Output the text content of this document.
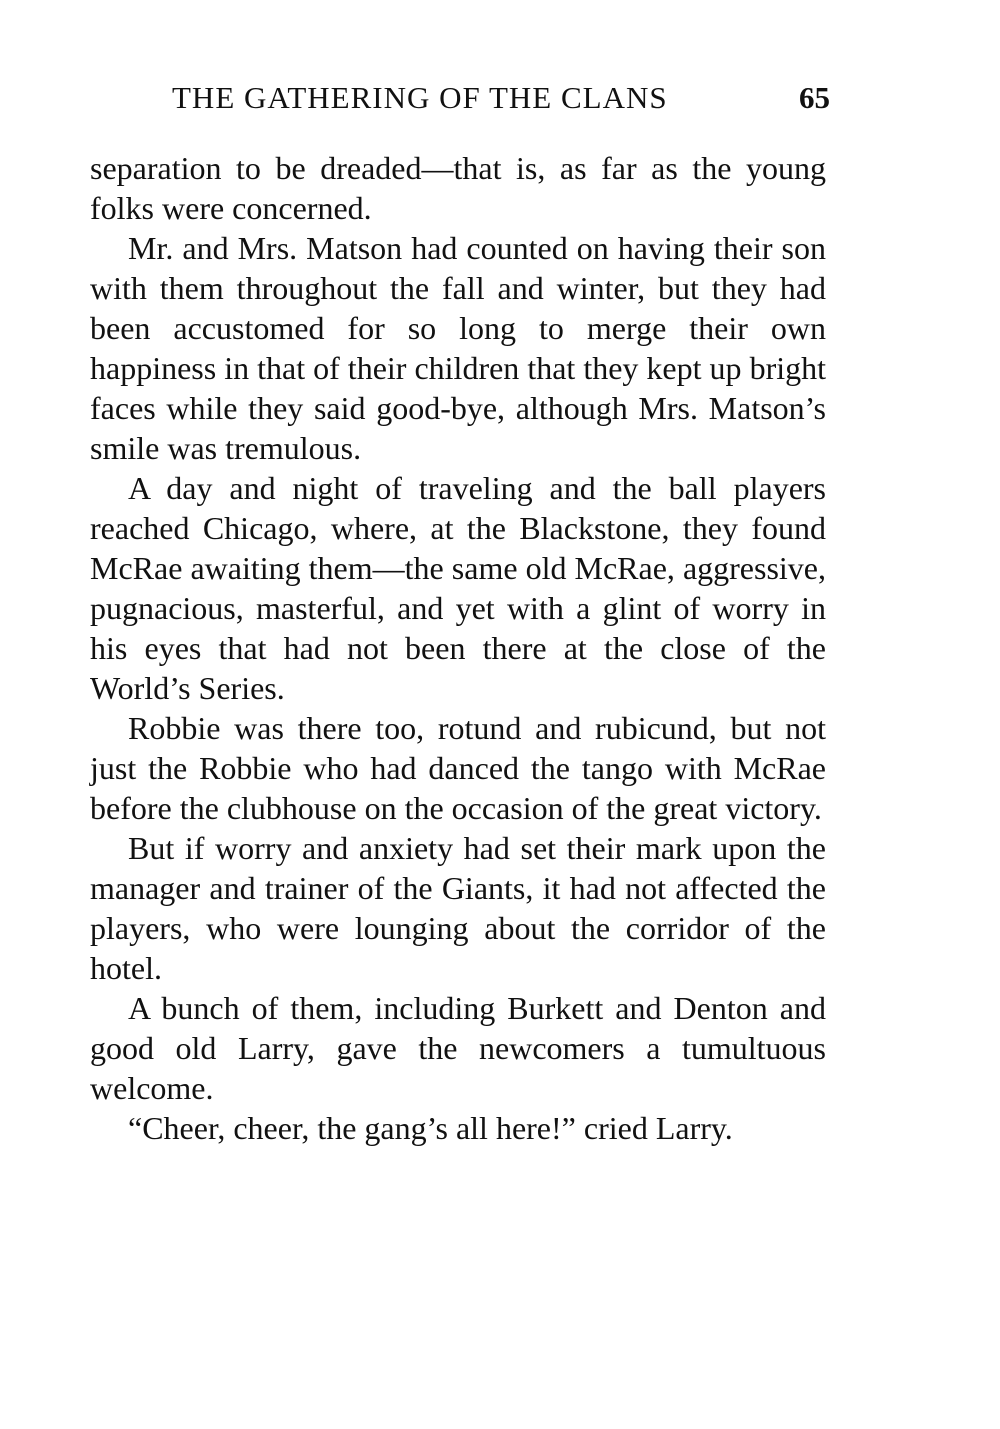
THE GATHERING OF THE CLANS	65

separation to be dreaded—that is, as far as the young folks were concerned.

Mr. and Mrs. Matson had counted on having their son with them throughout the fall and winter, but they had been accustomed for so long to merge their own happiness in that of their children that they kept up bright faces while they said good-bye, although Mrs. Matson’s smile was tremulous.

A day and night of traveling and the ball players reached Chicago, where, at the Blackstone, they found McRae awaiting them—the same old McRae, aggressive, pugnacious, masterful, and yet with a glint of worry in his eyes that had not been there at the close of the World’s Series.

Robbie was there too, rotund and rubicund, but not just the Robbie who had danced the tango with McRae before the clubhouse on the occasion of the great victory.

But if worry and anxiety had set their mark upon the manager and trainer of the Giants, it had not affected the players, who were lounging about the corridor of the hotel.

A bunch of them, including Burkett and Denton and good old Larry, gave the newcomers a tumultuous welcome.

“Cheer, cheer, the gang’s all here!” cried Larry.
